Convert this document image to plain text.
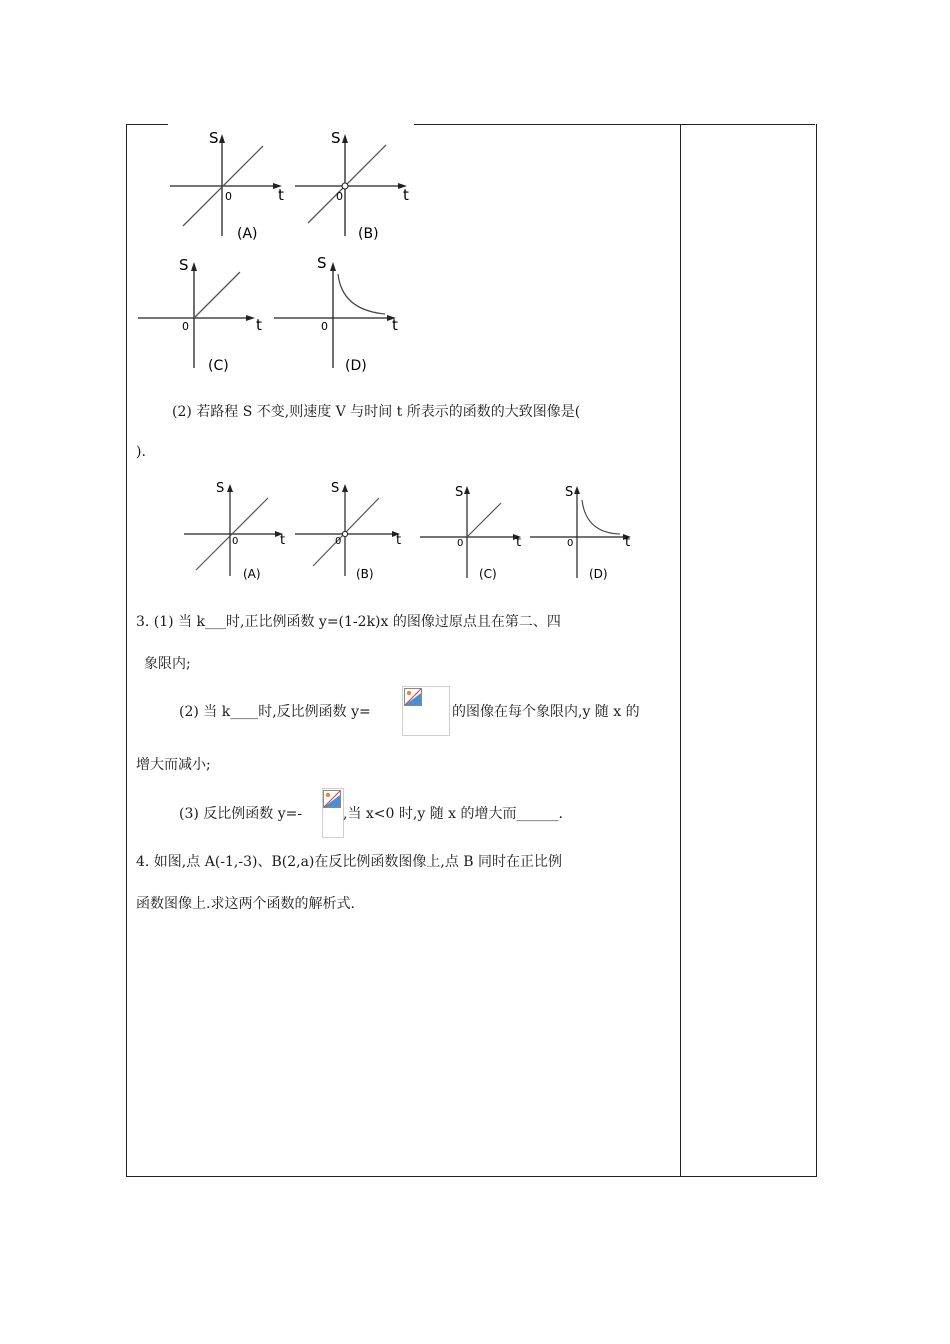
S
t
0
(A)
S
t
0
(B)
S
t
0
(C)
S
t
0
(D)
(2) 若路程 S 不变,则速度 V 与时间 t 所表示的函数的大致图像是(
).
S
t
0
(A)
S
t
0
(B)
S
t
0
(C)
S
t
0
(D)
3. (1) 当 k___时,正比例函数 y=(1-2k)x 的图像过原点且在第二、四
象限内;
(2) 当 k____时,反比例函数 y=	的图像在每个象限内,y 随 x 的
增大而减小;
(3) 反比例函数 y=-	,当 x<0 时,y 随 x 的增大而______.
4. 如图,点 A(-1,-3)、B(2,a)在反比例函数图像上,点 B 同时在正比例
函数图像上.求这两个函数的解析式.
